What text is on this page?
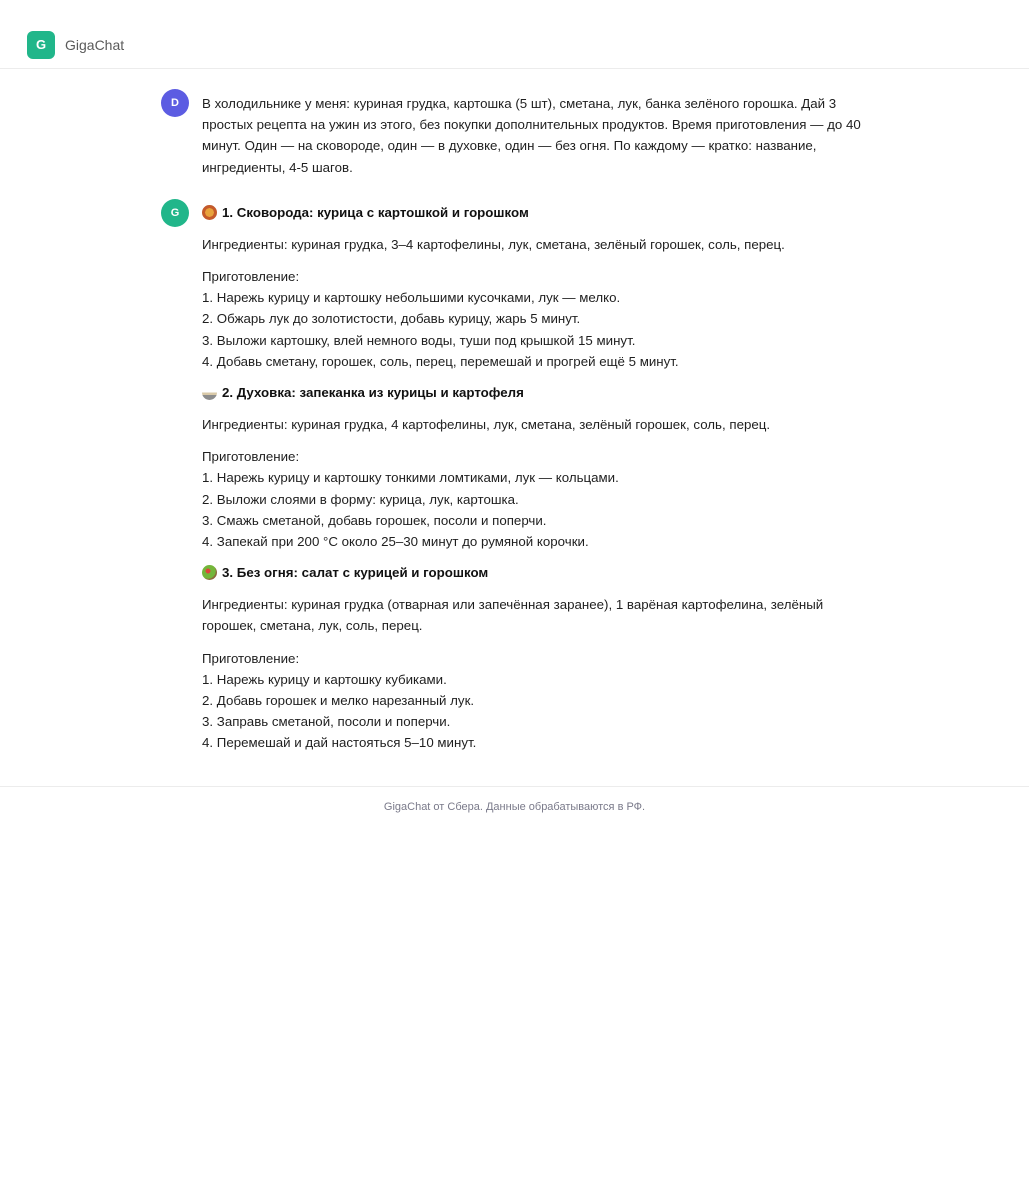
G	GigaChat
D	В холодильнике у меня: куриная грудка, картошка (5 шт), сметана, лук, банка зелёного горошка. Дай 3 простых рецепта на ужин из этого, без покупки дополнительных продуктов. Время приготовления — до 40 минут. Один — на сковороде, один — в духовке, один — без огня. По каждому — кратко: название, ингредиенты, 4-5 шагов.
G	1. Сковорода: курица с картошкой и горошком

Ингредиенты: куриная грудка, 3–4 картофелины, лук, сметана, зелёный горошек, соль, перец.

Приготовление:

1. Нарежь курицу и картошку небольшими кусочками, лук — мелко.
2. Обжарь лук до золотистости, добавь курицу, жарь 5 минут.
3. Выложи картошку, влей немного воды, туши под крышкой 15 минут.
4. Добавь сметану, горошек, соль, перец, перемешай и прогрей ещё 5 минут.
2. Духовка: запеканка из курицы и картофеля

Ингредиенты: куриная грудка, 4 картофелины, лук, сметана, зелёный горошек, соль, перец.

Приготовление:

1. Нарежь курицу и картошку тонкими ломтиками, лук — кольцами.
2. Выложи слоями в форму: курица, лук, картошка.
3. Смажь сметаной, добавь горошек, посоли и поперчи.
4. Запекай при 200 °C около 25–30 минут до румяной корочки.
3. Без огня: салат с курицей и горошком

Ингредиенты: куриная грудка (отварная или запечённая заранее), 1 варёная картофелина, зелёный горошек, сметана, лук, соль, перец.

Приготовление:

1. Нарежь курицу и картошку кубиками.
2. Добавь горошек и мелко нарезанный лук.
3. Заправь сметаной, посоли и поперчи.
4. Перемешай и дай настояться 5–10 минут.
GigaChat от Сбера. Данные обрабатываются в РФ.
